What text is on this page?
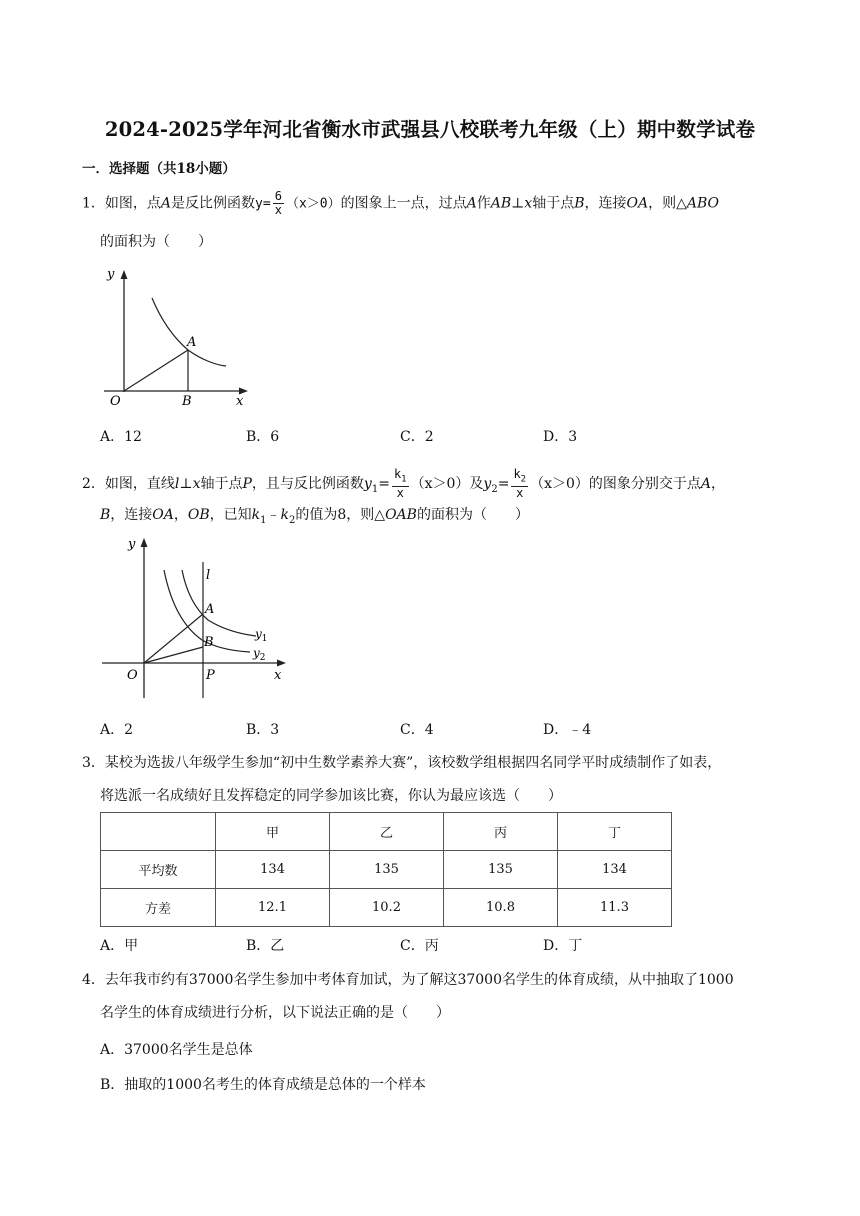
2024-2025学年河北省衡水市武强县八校联考九年级（上）期中数学试卷
一．选择题（共18小题）
1．如图，点A是反比例函数$y= \frac{6}{x} (x>0)$的图象上一点，过点A作AB⊥x轴于点B，连接OA，则△ABO
的面积为（　　）
y
A
O	B	x
A．12	B．6	C．2	D．3
2．如图，直线l⊥x轴于点P，且与反比例函数$y_1= \frac{k_1}{x} (x>0)$及$y_2= \frac{k_2}{x} (x>0)$的图象分别交于点A，
B，连接OA，OB，已知$k_1﹣k_2$的值为8，则△OAB的面积为（　　）
y
l
A
$y_1$
B
$y_2$
O	P	x
A．2	B．3	C．4	D．﹣4
3．某校为选拔八年级学生参加“初中生数学素养大赛”，该校数学组根据四名同学平时成绩制作了如表，
将选派一名成绩好且发挥稳定的同学参加该比赛，你认为最应该选（　　）
	甲	乙	丙	丁
平均数	134	135	135	134
方差	12.1	10.2	10.8	11.3
A．甲	B．乙	C．丙	D．丁
4．去年我市约有37000名学生参加中考体育加试，为了解这37000名学生的体育成绩，从中抽取了1000
名学生的体育成绩进行分析，以下说法正确的是（　　）
A．37000名学生是总体
B．抽取的1000名考生的体育成绩是总体的一个样本
